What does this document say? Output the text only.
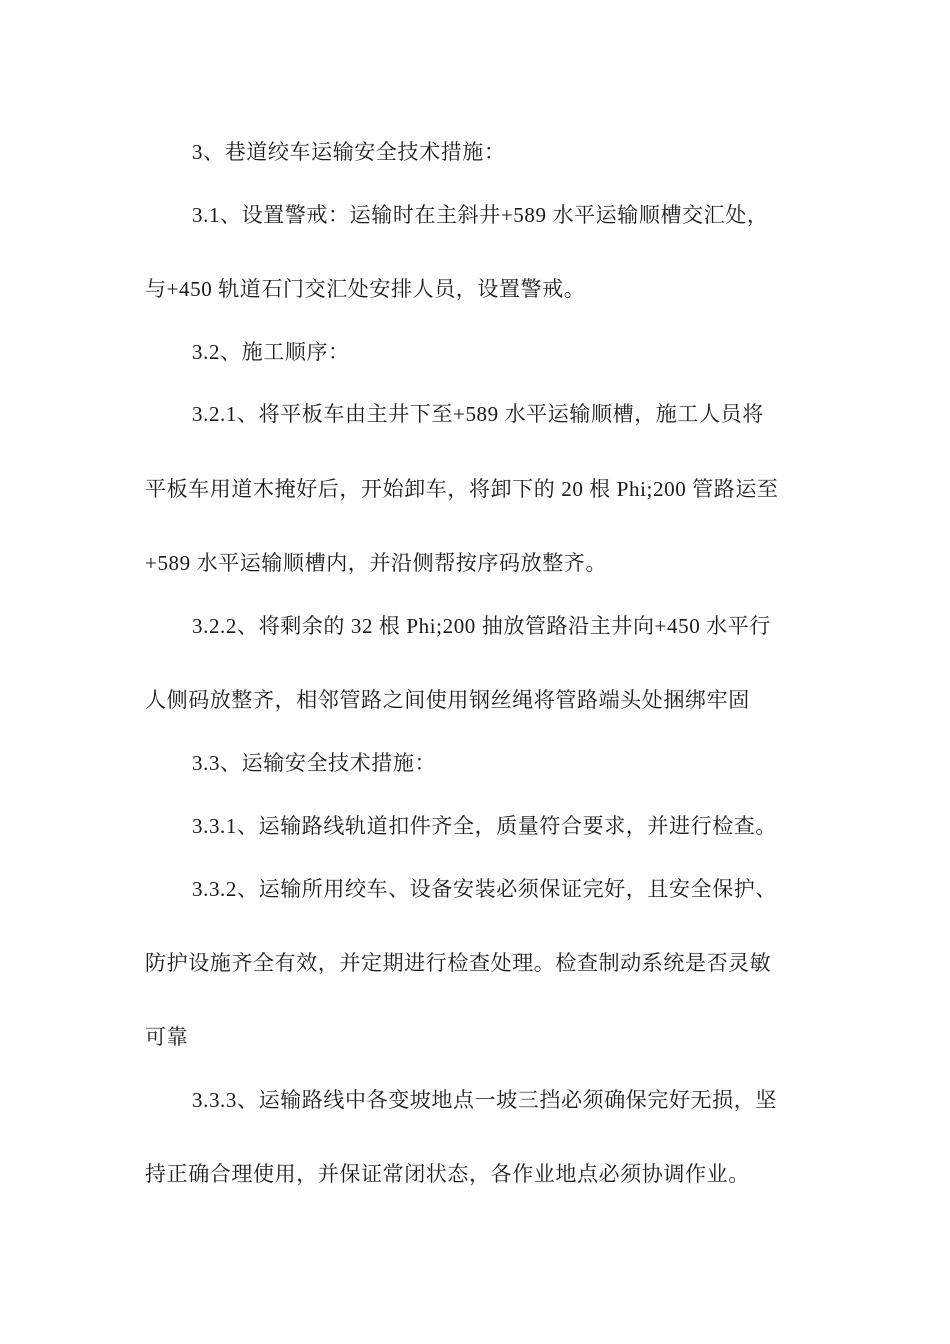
3、巷道绞车运输安全技术措施：
3.1、设置警戒：运输时在主斜井+589 水平运输顺槽交汇处，
与+450 轨道石门交汇处安排人员，设置警戒。
3.2、施工顺序：
3.2.1、将平板车由主井下至+589 水平运输顺槽，施工人员将
平板车用道木掩好后，开始卸车，将卸下的 20 根 Phi;200 管路运至
+589 水平运输顺槽内，并沿侧帮按序码放整齐。
3.2.2、将剩余的 32 根 Phi;200 抽放管路沿主井向+450 水平行
人侧码放整齐，相邻管路之间使用钢丝绳将管路端头处捆绑牢固
3.3、运输安全技术措施：
3.3.1、运输路线轨道扣件齐全，质量符合要求，并进行检查。
3.3.2、运输所用绞车、设备安装必须保证完好，且安全保护、
防护设施齐全有效，并定期进行检查处理。检查制动系统是否灵敏
可靠
3.3.3、运输路线中各变坡地点一坡三挡必须确保完好无损，坚
持正确合理使用，并保证常闭状态，各作业地点必须协调作业。
